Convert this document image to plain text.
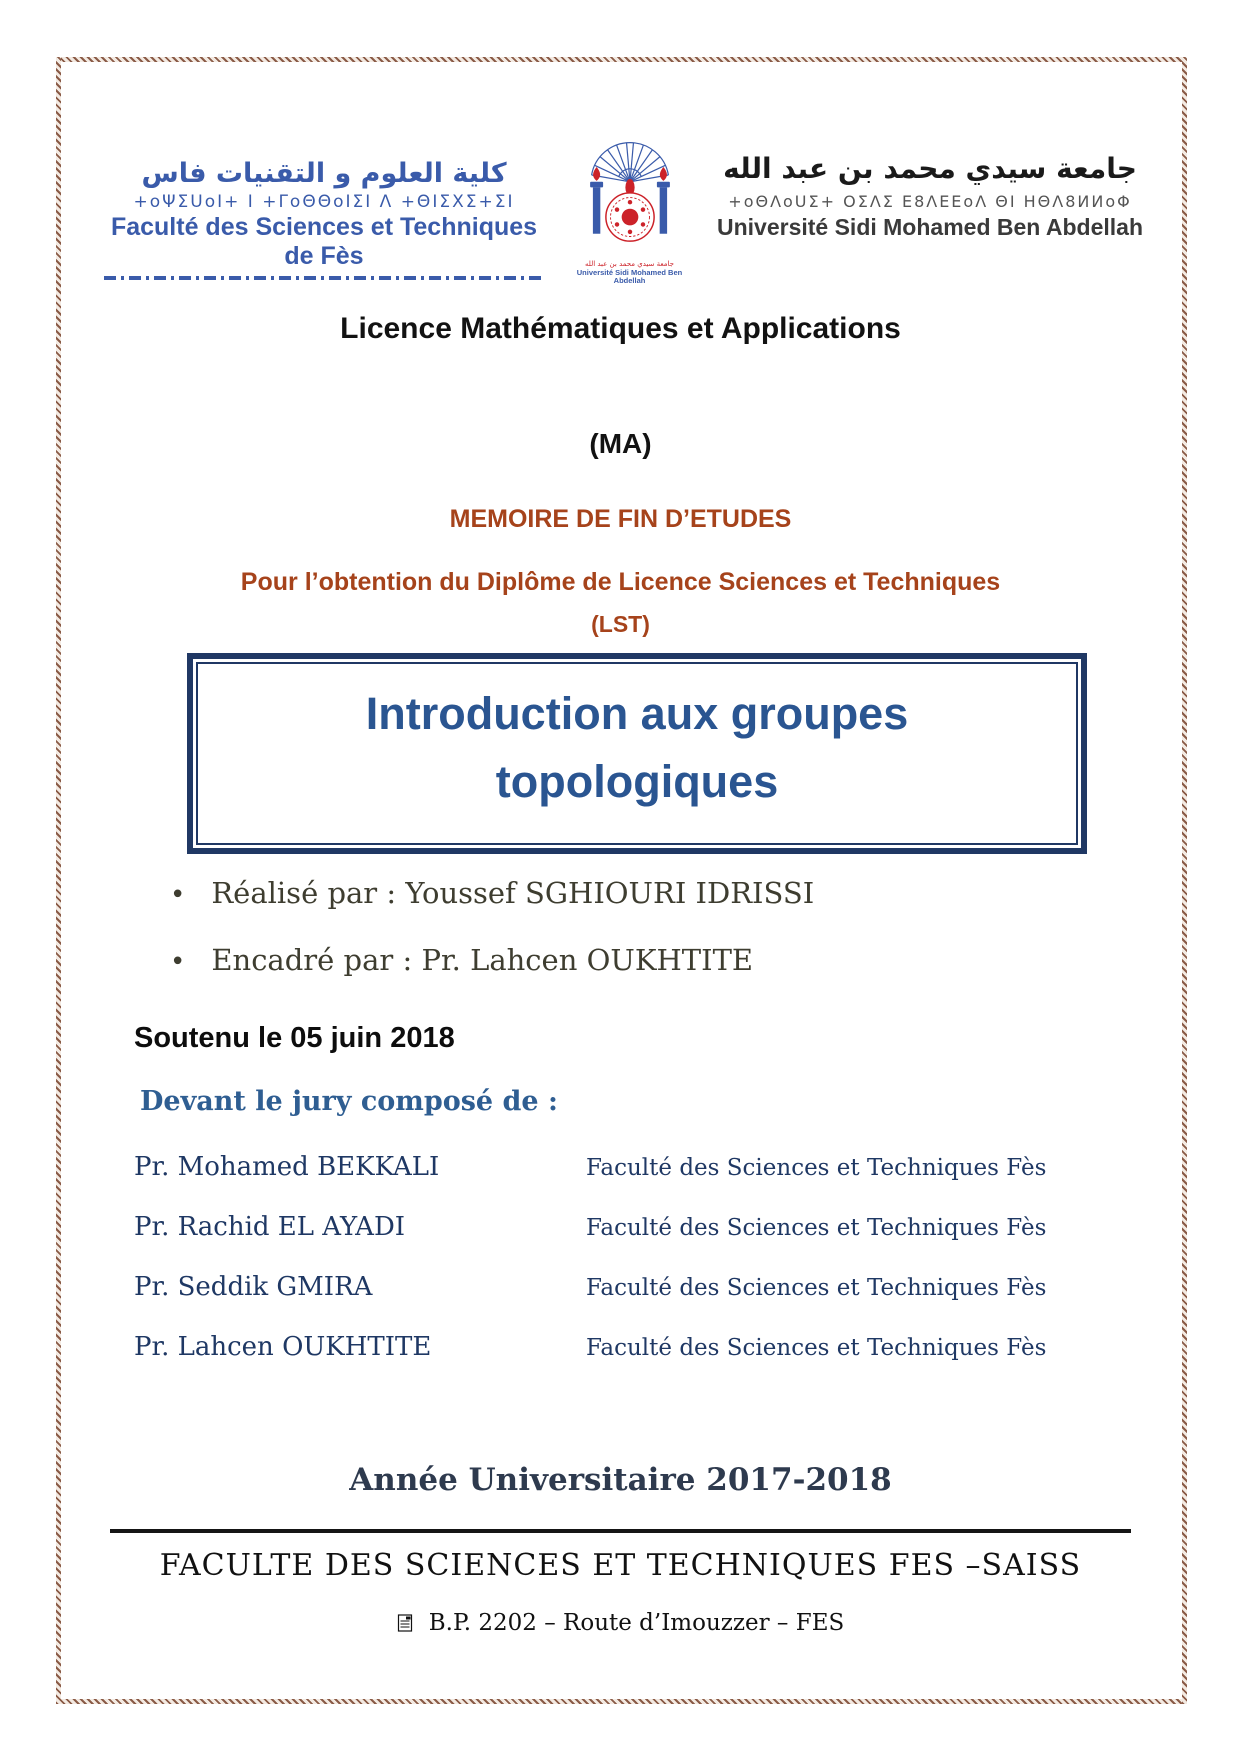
كلية العلوم و التقنيات فاس
+oΨΣUoI+ I +ΓoΘΘoIΣI Λ +ΘIΣΧΣ+ΣI
Faculté des Sciences et Techniques de Fès	جامعة سيدي محمد بن عبد الله
Université Sidi Mohamed Ben Abdellah
جامعة سيدي محمد بن عبد الله
+oΘΛoUΣ+ OΣΛΣ Ε8ΛΕΕoΛ ΘΙ ΗΘΛ8ИИoΦ
Université Sidi Mohamed Ben Abdellah
Licence Mathématiques et Applications
(MA)
MEMOIRE DE FIN D’ETUDES
Pour l’obtention du Diplôme de Licence Sciences et Techniques
(LST)
Introduction aux groupes
topologiques
• Réalisé par : Youssef SGHIOURI IDRISSI
• Encadré par : Pr. Lahcen OUKHTITE
Soutenu le 05 juin 2018
Devant le jury composé de :
Pr. Mohamed BEKKALI	Faculté des Sciences et Techniques Fès
Pr. Rachid EL AYADI	Faculté des Sciences et Techniques Fès
Pr. Seddik GMIRA	Faculté des Sciences et Techniques Fès
Pr. Lahcen OUKHTITE	Faculté des Sciences et Techniques Fès
Année Universitaire 2017-2018
FACULTE DES SCIENCES ET TECHNIQUES FES –SAISS
B.P. 2202 – Route d’Imouzzer – FES
